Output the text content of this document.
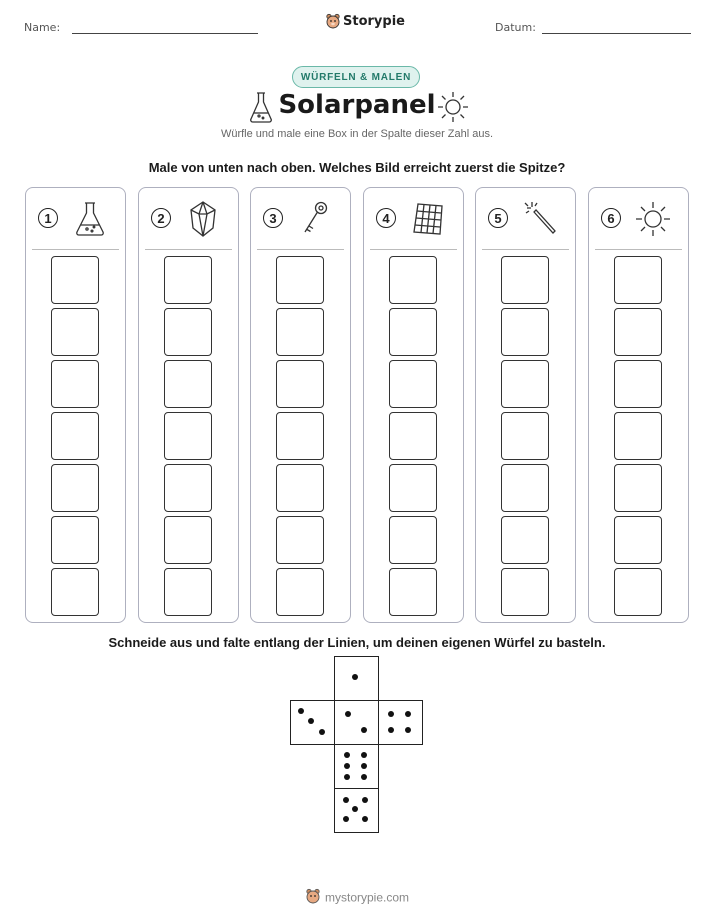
Name:	Storypie	Datum:
WÜRFELN & MALEN
Solarpanel
Würfle und male eine Box in der Spalte dieser Zahl aus.
Male von unten nach oben. Welches Bild erreicht zuerst die Spitze?
1	2	3	4	5	6
Schneide aus und falte entlang der Linien, um deinen eigenen Würfel zu basteln.
mystorypie.com
